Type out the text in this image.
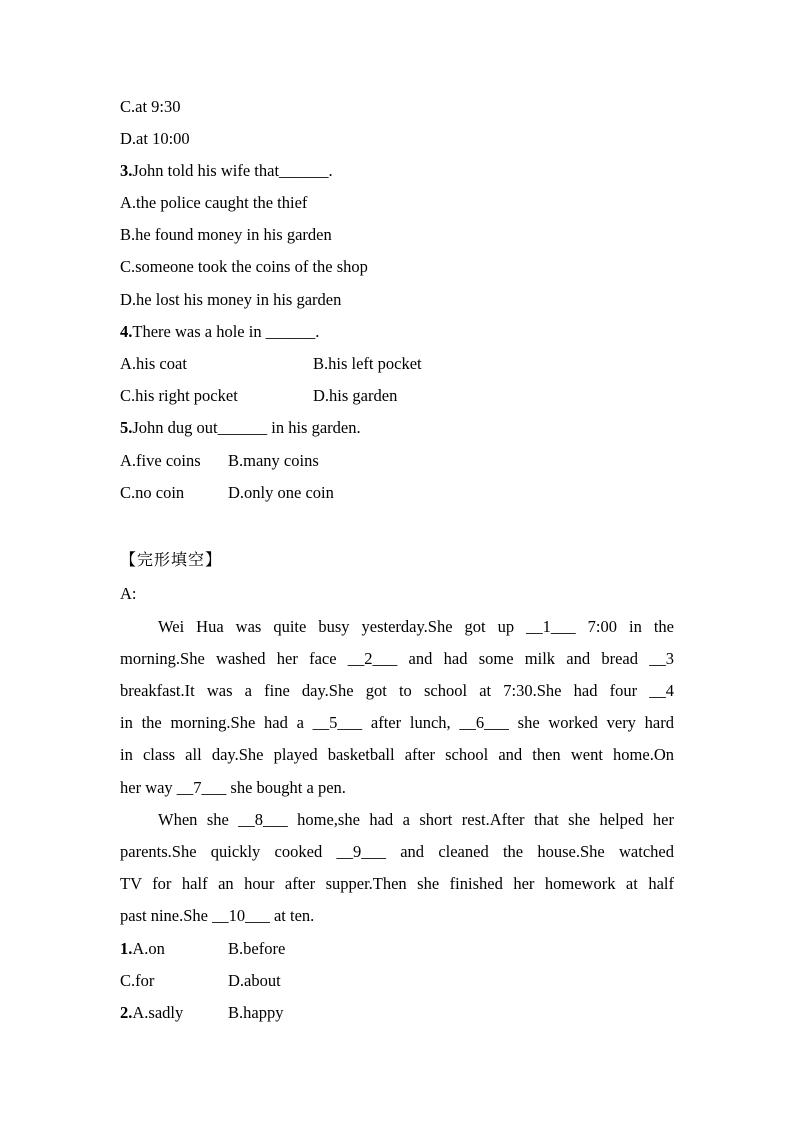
C.at 9:30
D.at 10:00
3.John told his wife that______.
A.the police caught the thief
B.he found money in his garden
C.someone took the coins of the shop
D.he lost his money in his garden
4.There was a hole in ______.
A.his coat	B.his left pocket
C.his right pocket	D.his garden
5.John dug out______ in his garden.
A.five coins B.many coins
C.no coin	D.only one coin
【完形填空】
A:
Wei Hua was quite busy yesterday.She got up __1___ 7:00 in the
morning.She washed her face __2___ and had some milk and bread __3
breakfast.It was a fine day.She got to school at 7:30.She had four __4
in the morning.She had a __5___ after lunch, __6___ she worked very hard
in class all day.She played basketball after school and then went home.On
her way __7___ she bought a pen.
When she __8___ home,she had a short rest.After that she helped her
parents.She quickly cooked __9___ and cleaned the house.She watched
TV for half an hour after supper.Then she finished her homework at half
past nine.She __10___ at ten.
1.A.on	B.before
C.for	D.about
2.A.sadly	B.happy
